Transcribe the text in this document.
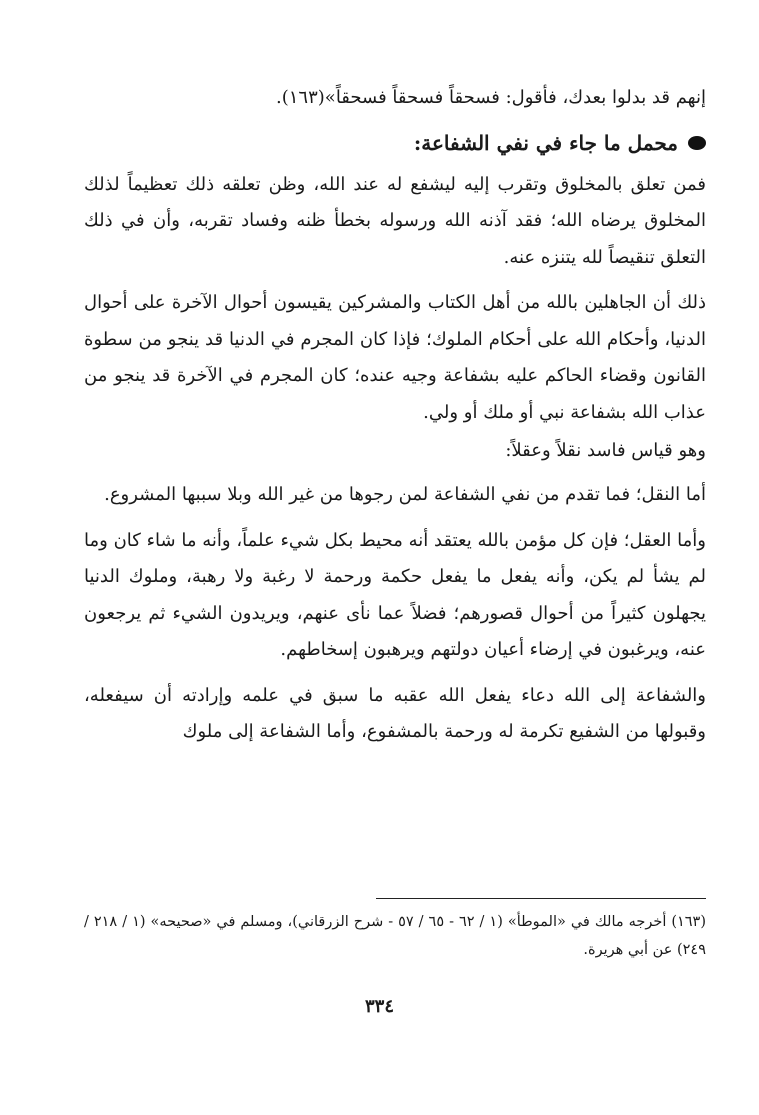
إنهم قد بدلوا بعدك، فأقول: فسحقاً فسحقاً فسحقاً»(١٦٣).

محمل ما جاء في نفي الشفاعة:

فمن تعلق بالمخلوق وتقرب إليه ليشفع له عند الله، وظن تعلقه ذلك تعظيماً لذلك المخلوق يرضاه الله؛ فقد آذنه الله ورسوله بخطأ ظنه وفساد تقربه، وأن في ذلك التعلق تنقيصاً لله يتنزه عنه.

ذلك أن الجاهلين بالله من أهل الكتاب والمشركين يقيسون أحوال الآخرة على أحوال الدنيا، وأحكام الله على أحكام الملوك؛ فإذا كان المجرم في الدنيا قد ينجو من سطوة القانون وقضاء الحاكم عليه بشفاعة وجيه عنده؛ كان المجرم في الآخرة قد ينجو من عذاب الله بشفاعة نبي أو ملك أو ولي.

وهو قياس فاسد نقلاً وعقلاً:

أما النقل؛ فما تقدم من نفي الشفاعة لمن رجوها من غير الله وبلا سببها المشروع.

وأما العقل؛ فإن كل مؤمن بالله يعتقد أنه محيط بكل شيء علماً، وأنه ما شاء كان وما لم يشأ لم يكن، وأنه يفعل ما يفعل حكمة ورحمة لا رغبة ولا رهبة، وملوك الدنيا يجهلون كثيراً من أحوال قصورهم؛ فضلاً عما نأى عنهم، ويريدون الشيء ثم يرجعون عنه، ويرغبون في إرضاء أعيان دولتهم ويرهبون إسخاطهم.

والشفاعة إلى الله دعاء يفعل الله عقبه ما سبق في علمه وإرادته أن سيفعله، وقبولها من الشفيع تكرمة له ورحمة بالمشفوع، وأما الشفاعة إلى ملوك

(١٦٣) أخرجه مالك في «الموطأ» (١ / ٦٢ - ٦٥ / ٥٧ - شرح الزرقاني)، ومسلم في «صحيحه» (١ / ٢١٨ / ٢٤٩) عن أبي هريرة.
٣٣٤
